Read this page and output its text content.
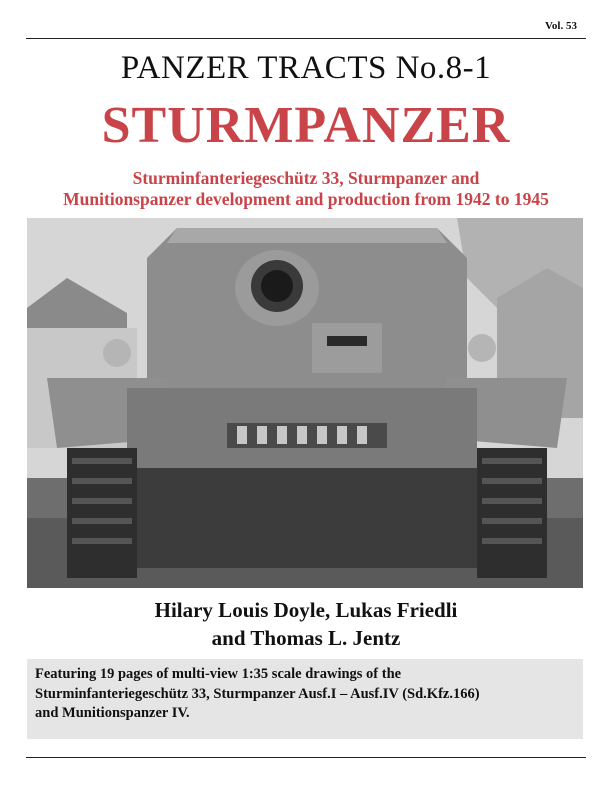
Vol. 53
PANZER TRACTS No.8-1
STURMPANZER
Sturminfanteriegeschütz 33, Sturmpanzer and
Munitionspanzer development and production from 1942 to 1945
Hilary Louis Doyle, Lukas Friedli
and Thomas L. Jentz
Featuring 19 pages of multi-view 1:35 scale drawings of the
Sturminfanteriegeschütz 33, Sturmpanzer Ausf.I – Ausf.IV (Sd.Kfz.166)
and Munitionspanzer IV.
